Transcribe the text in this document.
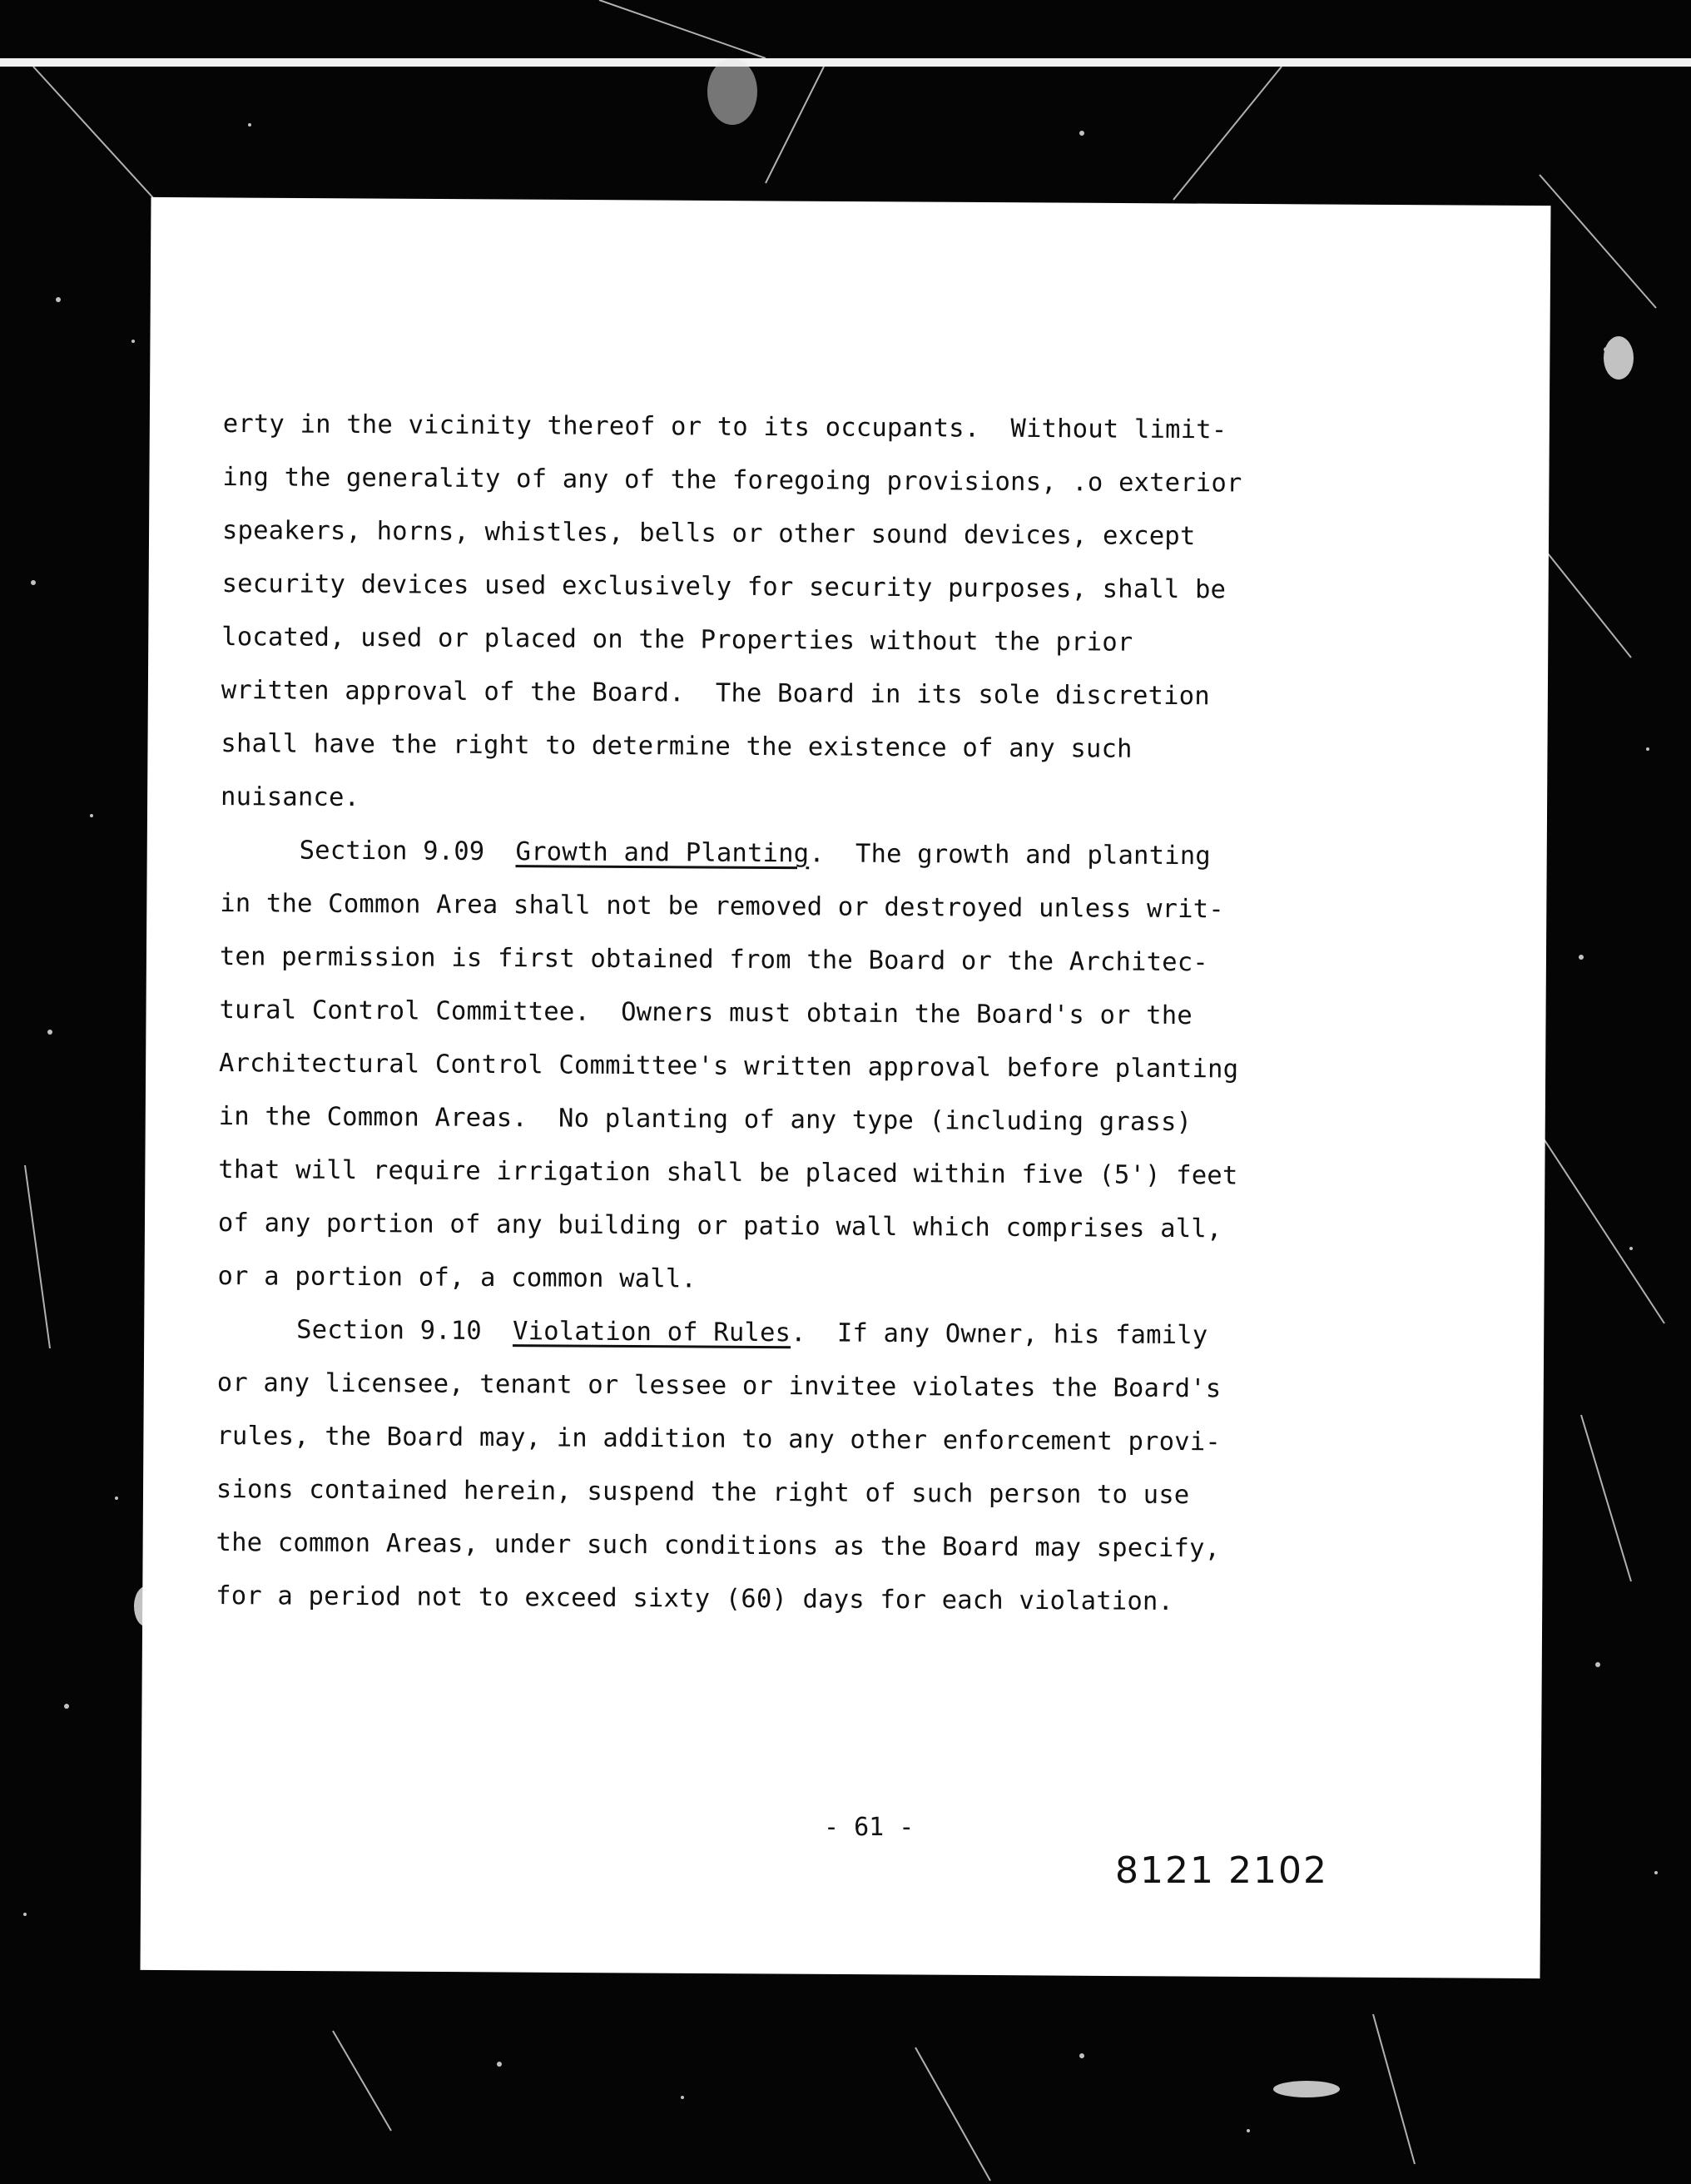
erty in the vicinity thereof or to its occupants.  Without limit-
ing the generality of any of the foregoing provisions, .o exterior
speakers, horns, whistles, bells or other sound devices, except
security devices used exclusively for security purposes, shall be
located, used or placed on the Properties without the prior
written approval of the Board.  The Board in its sole discretion
shall have the right to determine the existence of any such
nuisance.
Section 9.09 Growth and Planting.  The growth and planting
in the Common Area shall not be removed or destroyed unless writ-
ten permission is first obtained from the Board or the Architec-
tural Control Committee.  Owners must obtain the Board's or the
Architectural Control Committee's written approval before planting
in the Common Areas.  No planting of any type (including grass)
that will require irrigation shall be placed within five (5') feet
of any portion of any building or patio wall which comprises all,
or a portion of, a common wall.
Section 9.10 Violation of Rules.  If any Owner, his family
or any licensee, tenant or lessee or invitee violates the Board's
rules, the Board may, in addition to any other enforcement provi-
sions contained herein, suspend the right of such person to use
the common Areas, under such conditions as the Board may specify,
for a period not to exceed sixty (60) days for each violation.
- 61 -
8121 2102
